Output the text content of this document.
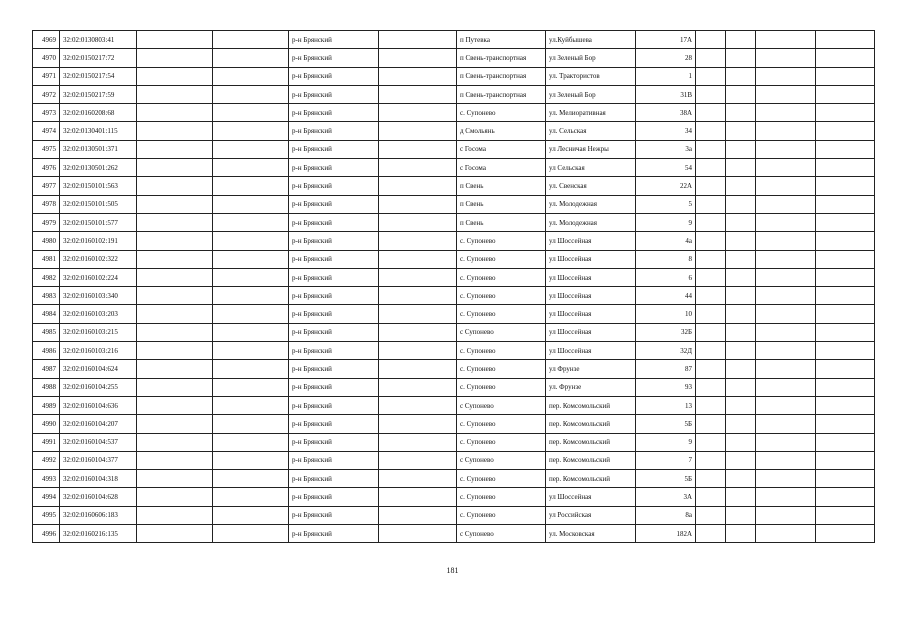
4969	32:02:0130803:41			р-н Брянский		п Путевка	ул.Куйбышева	17А				
4970	32:02:0150217:72			р-н Брянский		п Свень-транспортная	ул Зеленый Бор	28				
4971	32:02:0150217:54			р-н Брянский		п Свень-транспортная	ул. Трактористов	1				
4972	32:02:0150217:59			р-н Брянский		п Свень-транспортная	ул Зеленый Бор	31В				
4973	32:02:0160208:68			р-н Брянский		с. Супонево	ул. Мелиоративная	38А				
4974	32:02:0130401:115			р-н Брянский		д Смольянь	ул. Сельская	34				
4975	32:02:0130501:371			р-н Брянский		с Госома	ул Лесничая Нежры	3а				
4976	32:02:0130501:262			р-н Брянский		с Госома	ул Сельская	54				
4977	32:02:0150101:563			р-н Брянский		п Свень	ул. Свенская	22А				
4978	32:02:0150101:505			р-н Брянский		п Свень	ул. Молодежная	5				
4979	32:02:0150101:577			р-н Брянский		п Свень	ул. Молодежная	9				
4980	32:02:0160102:191			р-н Брянский		с. Супонево	ул Шоссейная	4а				
4981	32:02:0160102:322			р-н Брянский		с. Супонево	ул Шоссейная	8				
4982	32:02:0160102:224			р-н Брянский		с. Супонево	ул Шоссейная	6				
4983	32:02:0160103:340			р-н Брянский		с. Супонево	ул Шоссейная	44				
4984	32:02:0160103:203			р-н Брянский		с. Супонево	ул Шоссейная	10				
4985	32:02:0160103:215			р-н Брянский		с Супонево	ул Шоссейная	32Б				
4986	32:02:0160103:216			р-н Брянский		с. Супонево	ул Шоссейная	32Д				
4987	32:02:0160104:624			р-н Брянский		с. Супонево	ул Фрунзе	87				
4988	32:02:0160104:255			р-н Брянский		с. Супонево	ул. Фрунзе	93				
4989	32:02:0160104:636			р-н Брянский		с Супонево	пер. Комсомольский	13				
4990	32:02:0160104:207			р-н Брянский		с. Супонево	пер. Комсомольский	5Б				
4991	32:02:0160104:537			р-н Брянский		с. Супонево	пер. Комсомольский	9				
4992	32:02:0160104:377			р-н Брянский		с Супонево	пер. Комсомольский	7				
4993	32:02:0160104:318			р-н Брянский		с. Супонево	пер. Комсомольский	5Б				
4994	32:02:0160104:628			р-н Брянский		с. Супонево	ул Шоссейная	3А				
4995	32:02:0160606:183			р-н Брянский		с. Супонево	ул Российская	8а				
4996	32:02:0160216:135			р-н Брянский		с Супонево	ул. Московская	182А				
181
